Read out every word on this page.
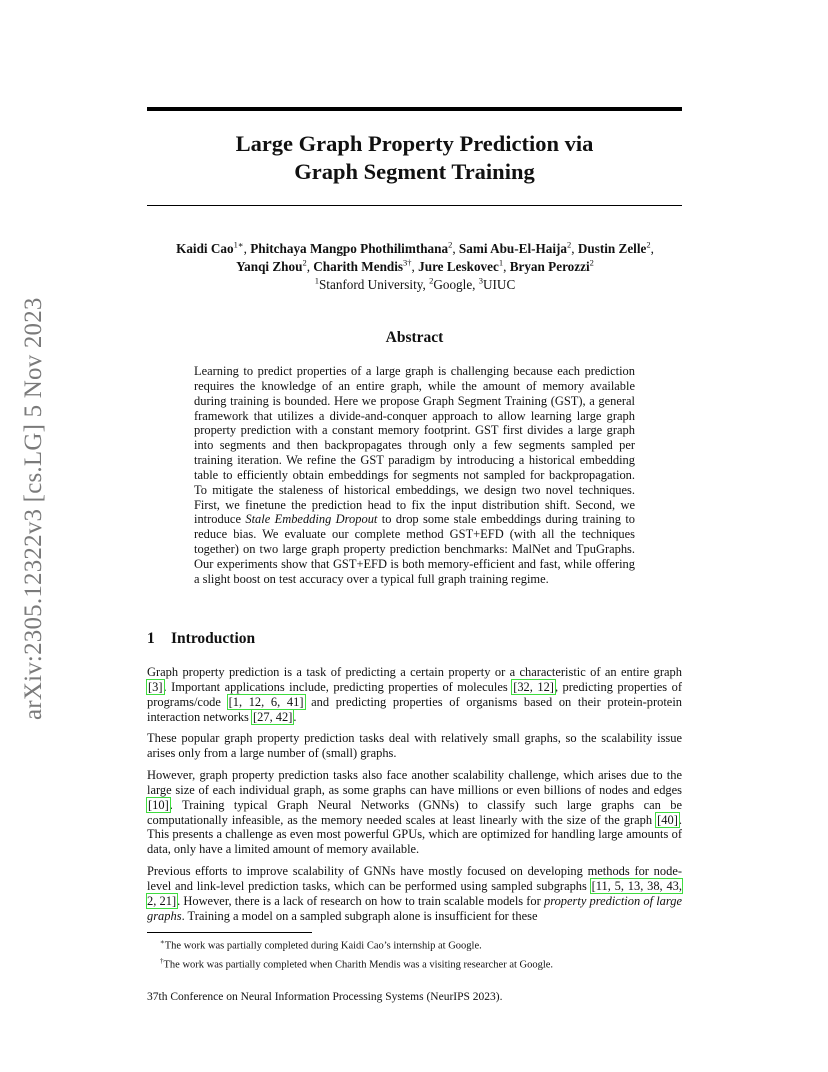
arXiv:2305.12322v3 [cs.LG] 5 Nov 2023
Large Graph Property Prediction via
Graph Segment Training
Kaidi Cao$^{1∗}$, Phitchaya Mangpo Phothilimthana$^2$, Sami Abu-El-Haija$^2$, Dustin Zelle$^2$,
Yanqi Zhou$^2$, Charith Mendis$^{3\dagger}$, Jure Leskovec$^1$, Bryan Perozzi$^2$
$^1$Stanford University, $^2$Google, $^3$UIUC
Abstract
Learning to predict properties of a large graph is challenging because each prediction requires the knowledge of an entire graph, while the amount of memory available during training is bounded. Here we propose Graph Segment Training (GST), a general framework that utilizes a divide-and-conquer approach to allow learning large graph property prediction with a constant memory footprint. GST first divides a large graph into segments and then backpropagates through only a few segments sampled per training iteration. We refine the GST paradigm by introducing a historical embedding table to efficiently obtain embeddings for segments not sampled for backpropagation. To mitigate the staleness of historical embeddings, we design two novel techniques. First, we finetune the prediction head to fix the input distribution shift. Second, we introduce Stale Embedding Dropout to drop some stale embeddings during training to reduce bias. We evaluate our complete method GST+EFD (with all the techniques together) on two large graph property prediction benchmarks: MalNet and TpuGraphs. Our experiments show that GST+EFD is both memory-efficient and fast, while offering a slight boost on test accuracy over a typical full graph training regime.
1 Introduction

Graph property prediction is a task of predicting a certain property or a characteristic of an entire graph [3]. Important applications include, predicting properties of molecules [32, 12], predicting properties of programs/code [1, 12, 6, 41] and predicting properties of organisms based on their protein-protein interaction networks [27, 42].

These popular graph property prediction tasks deal with relatively small graphs, so the scalability issue arises only from a large number of (small) graphs.

However, graph property prediction tasks also face another scalability challenge, which arises due to the large size of each individual graph, as some graphs can have millions or even billions of nodes and edges [10]. Training typical Graph Neural Networks (GNNs) to classify such large graphs can be computationally infeasible, as the memory needed scales at least linearly with the size of the graph [40]. This presents a challenge as even most powerful GPUs, which are optimized for handling large amounts of data, only have a limited amount of memory available.

Previous efforts to improve scalability of GNNs have mostly focused on developing methods for node-level and link-level prediction tasks, which can be performed using sampled subgraphs [11, 5, 13, 38, 43, 2, 21]. However, there is a lack of research on how to train scalable models for property prediction of large graphs. Training a model on a sampled subgraph alone is insufficient for these

∗The work was partially completed during Kaidi Cao’s internship at Google.
†The work was partially completed when Charith Mendis was a visiting researcher at Google.
37th Conference on Neural Information Processing Systems (NeurIPS 2023).
